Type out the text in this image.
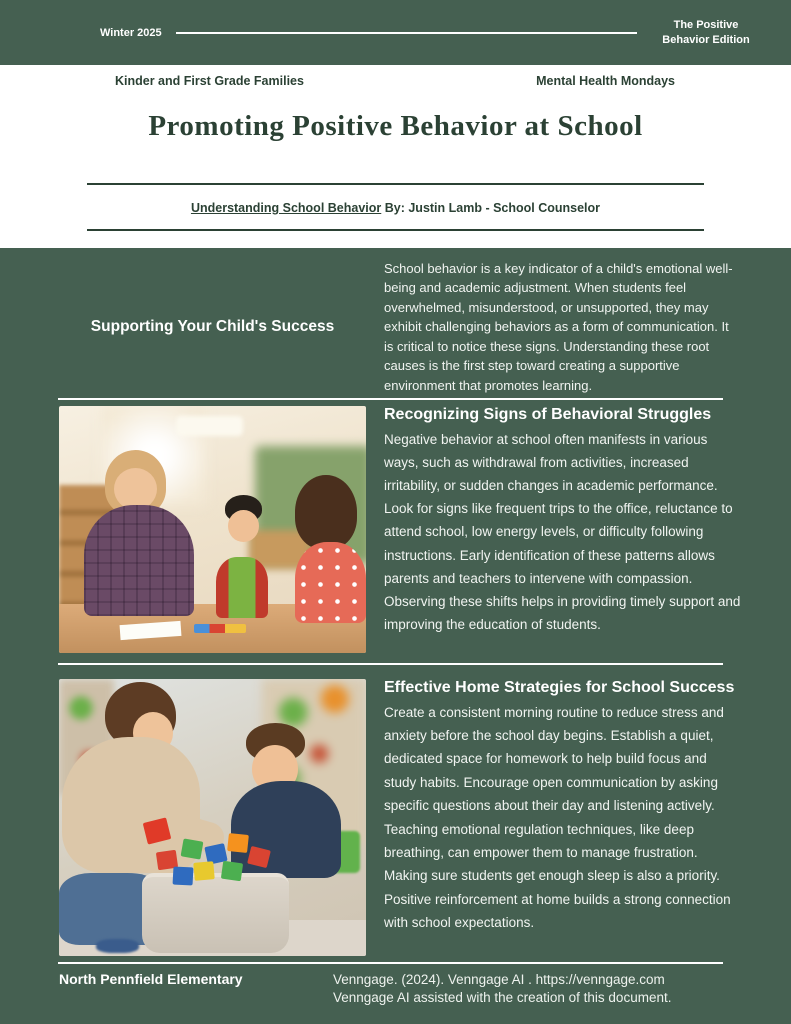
Winter 2025
The Positive
Behavior Edition
Kinder and First Grade Families	Mental Health Mondays
Promoting Positive Behavior at School
Understanding School Behavior By: Justin Lamb - School Counselor
Supporting Your Child's Success

School behavior is a key indicator of a child's emotional well-being and academic adjustment. When students feel overwhelmed, misunderstood, or unsupported, they may exhibit challenging behaviors as a form of communication. It is critical to notice these signs. Understanding these root causes is the first step toward creating a supportive environment that promotes learning.

Recognizing Signs of Behavioral Struggles

Negative behavior at school often manifests in various ways, such as withdrawal from activities, increased irritability, or sudden changes in academic performance. Look for signs like frequent trips to the office, reluctance to attend school, low energy levels, or difficulty following instructions. Early identification of these patterns allows parents and teachers to intervene with compassion. Observing these shifts helps in providing timely support and improving the education of students.

Effective Home Strategies for School Success

Create a consistent morning routine to reduce stress and anxiety before the school day begins. Establish a quiet, dedicated space for homework to help build focus and study habits. Encourage open communication by asking specific questions about their day and listening actively. Teaching emotional regulation techniques, like deep breathing, can empower them to manage frustration. Making sure students get enough sleep is also a priority. Positive reinforcement at home builds a strong connection with school expectations.

North Pennfield Elementary	Venngage. (2024). Venngage AI . https://venngage.com
Venngage AI assisted with the creation of this document.
